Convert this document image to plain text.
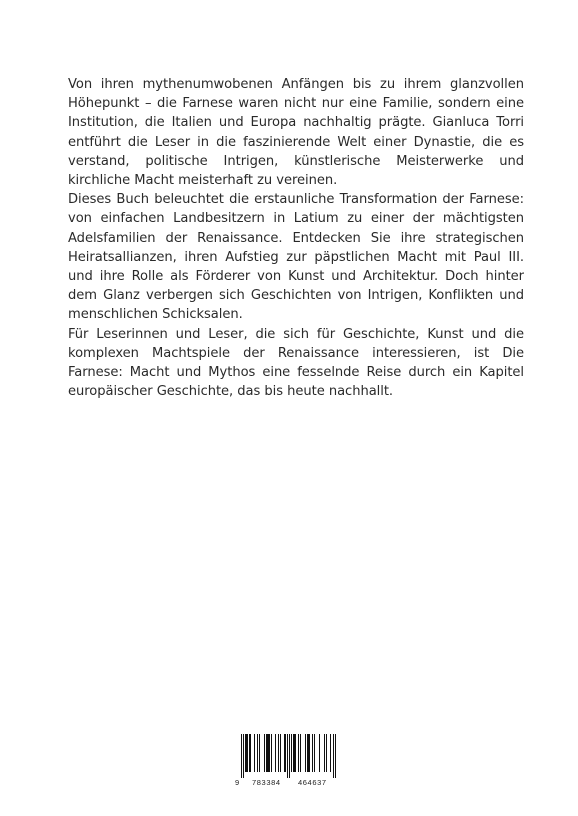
Von ihren mythenumwobenen Anfängen bis zu ihrem glanzvollen Höhepunkt – die Farnese waren nicht nur eine Familie, sondern eine Institution, die Italien und Europa nachhaltig prägte. Gianluca Torri entführt die Leser in die faszinierende Welt einer Dynastie, die es verstand, politische Intrigen, künstlerische Meisterwerke und kirchliche Macht meisterhaft zu vereinen.

Dieses Buch beleuchtet die erstaunliche Transformation der Farnese: von einfachen Landbesitzern in Latium zu einer der mächtigsten Adelsfamilien der Renaissance. Entdecken Sie ihre strategischen Heiratsallianzen, ihren Aufstieg zur päpstlichen Macht mit Paul III. und ihre Rolle als Förderer von Kunst und Architektur. Doch hinter dem Glanz verbergen sich Geschichten von Intrigen, Konflikten und menschlichen Schicksalen.

Für Leserinnen und Leser, die sich für Geschichte, Kunst und die komplexen Machtspiele der Renaissance interessieren, ist Die Farnese: Macht und Mythos eine fesselnde Reise durch ein Kapitel europäischer Geschichte, das bis heute nachhallt.

9 783384 464637
